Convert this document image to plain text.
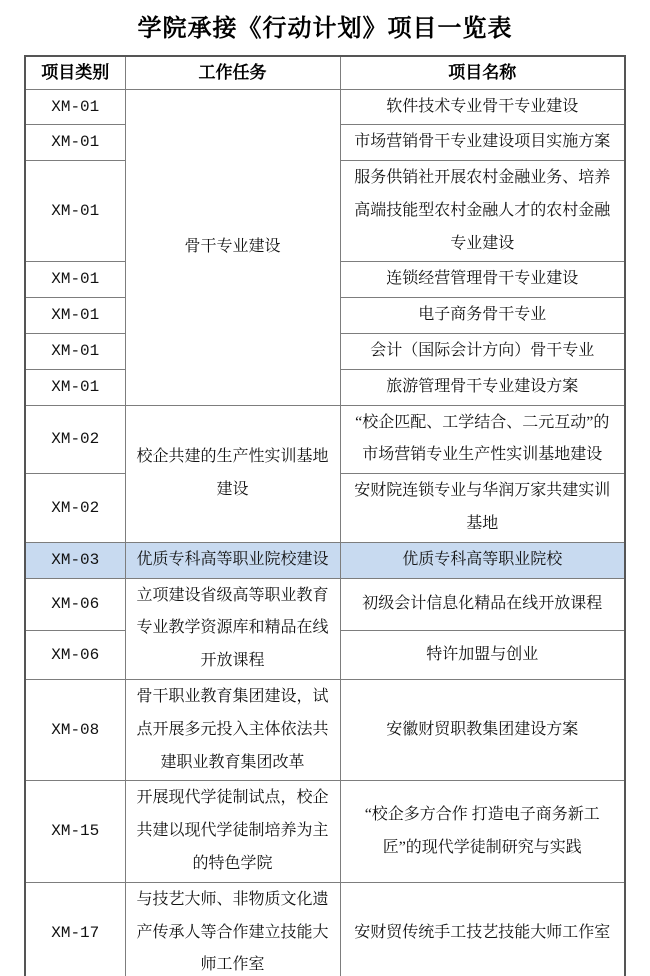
学院承接《行动计划》项目一览表
项目类别	工作任务	项目名称
XM-01	骨干专业建设	软件技术专业骨干专业建设
XM-01		市场营销骨干专业建设项目实施方案
XM-01		服务供销社开展农村金融业务、培养高端技能型农村金融人才的农村金融专业建设
XM-01		连锁经营管理骨干专业建设
XM-01		电子商务骨干专业
XM-01		会计（国际会计方向）骨干专业
XM-01		旅游管理骨干专业建设方案
XM-02	校企共建的生产性实训基地建设	“校企匹配、工学结合、二元互动”的市场营销专业生产性实训基地建设
XM-02		安财院连锁专业与华润万家共建实训基地
XM-03	优质专科高等职业院校建设	优质专科高等职业院校
XM-06	立项建设省级高等职业教育专业教学资源库和精品在线开放课程	初级会计信息化精品在线开放课程
XM-06		特许加盟与创业
XM-08	骨干职业教育集团建设，试点开展多元投入主体依法共建职业教育集团改革	安徽财贸职教集团建设方案
XM-15	开展现代学徒制试点，校企共建以现代学徒制培养为主的特色学院	“校企多方合作 打造电子商务新工匠”的现代学徒制研究与实践
XM-17	与技艺大师、非物质文化遗产传承人等合作建立技能大师工作室	安财贸传统手工技艺技能大师工作室
